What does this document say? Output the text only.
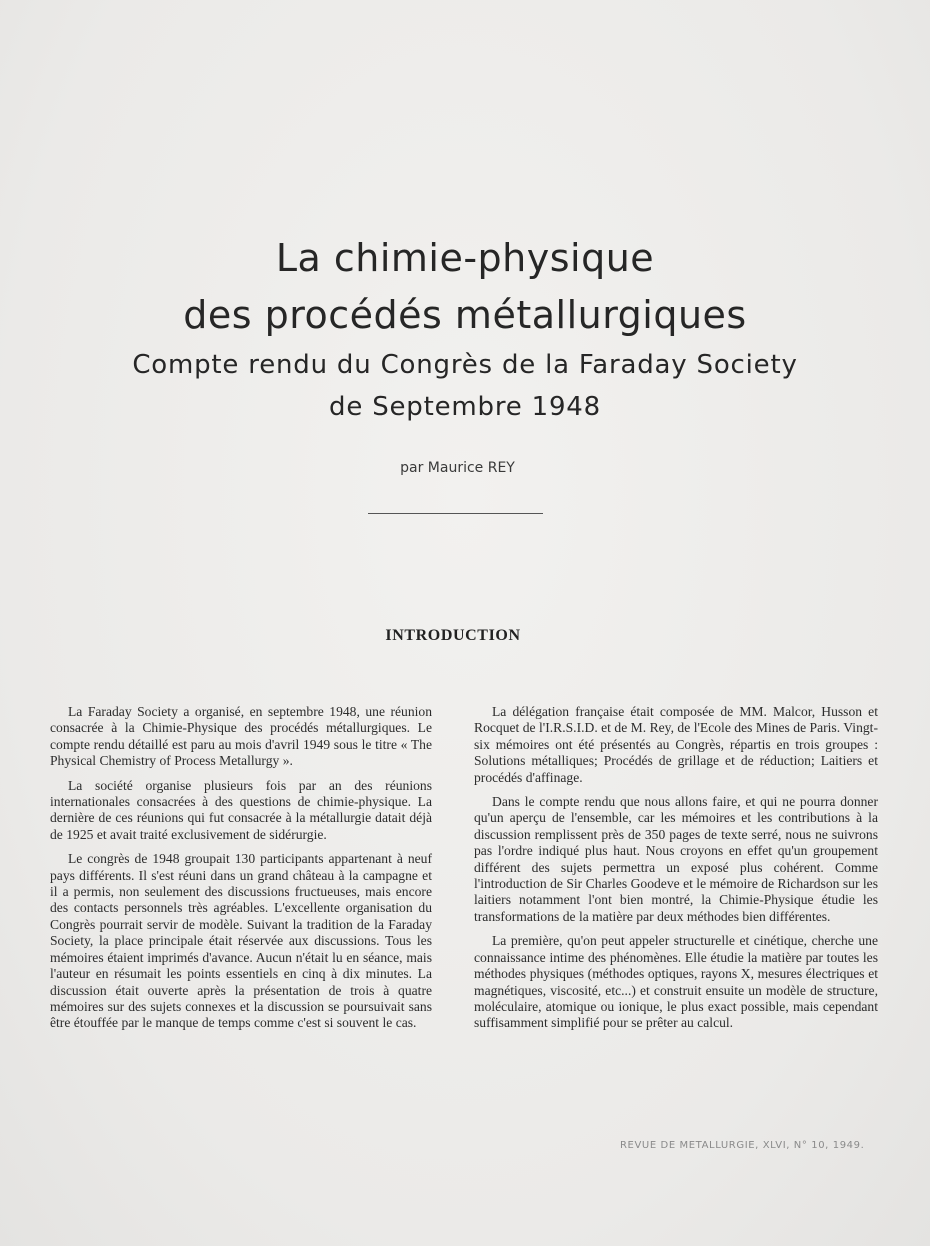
La chimie-physique
des procédés métallurgiques
Compte rendu du Congrès de la Faraday Society
de Septembre 1948
par Maurice REY
INTRODUCTION

La Faraday Society a organisé, en septembre 1948, une réunion consacrée à la Chimie-Physique des procédés métallurgiques. Le compte rendu détaillé est paru au mois d'avril 1949 sous le titre « The Physical Chemistry of Process Metallurgy ».

La société organise plusieurs fois par an des réunions internationales consacrées à des questions de chimie-physique. La dernière de ces réunions qui fut consacrée à la métallurgie datait déjà de 1925 et avait traité exclusivement de sidérurgie.

Le congrès de 1948 groupait 130 participants appartenant à neuf pays différents. Il s'est réuni dans un grand château à la campagne et il a permis, non seulement des discussions fructueuses, mais encore des contacts personnels très agréables. L'excellente organisation du Congrès pourrait servir de modèle. Suivant la tradition de la Faraday Society, la place principale était réservée aux discussions. Tous les mémoires étaient imprimés d'avance. Aucun n'était lu en séance, mais l'auteur en résumait les points essentiels en cinq à dix minutes. La discussion était ouverte après la présentation de trois à quatre mémoires sur des sujets connexes et la discussion se poursuivait sans être étouffée par le manque de temps comme c'est si souvent le cas.

La délégation française était composée de MM. Malcor, Husson et Rocquet de l'I.R.S.I.D. et de M. Rey, de l'Ecole des Mines de Paris. Vingt-six mémoires ont été présentés au Congrès, répartis en trois groupes : Solutions métalliques; Procédés de grillage et de réduction; Laitiers et procédés d'affinage.

Dans le compte rendu que nous allons faire, et qui ne pourra donner qu'un aperçu de l'ensemble, car les mémoires et les contributions à la discussion remplissent près de 350 pages de texte serré, nous ne suivrons pas l'ordre indiqué plus haut. Nous croyons en effet qu'un groupement différent des sujets permettra un exposé plus cohérent. Comme l'introduction de Sir Charles Goodeve et le mémoire de Richardson sur les laitiers notamment l'ont bien montré, la Chimie-Physique étudie les transformations de la matière par deux méthodes bien différentes.

La première, qu'on peut appeler structurelle et cinétique, cherche une connaissance intime des phénomènes. Elle étudie la matière par toutes les méthodes physiques (méthodes optiques, rayons X, mesures électriques et magnétiques, viscosité, etc...) et construit ensuite un modèle de structure, moléculaire, atomique ou ionique, le plus exact possible, mais cependant suffisamment simplifié pour se prêter au calcul.

REVUE DE METALLURGIE, XLVI, N° 10, 1949.
